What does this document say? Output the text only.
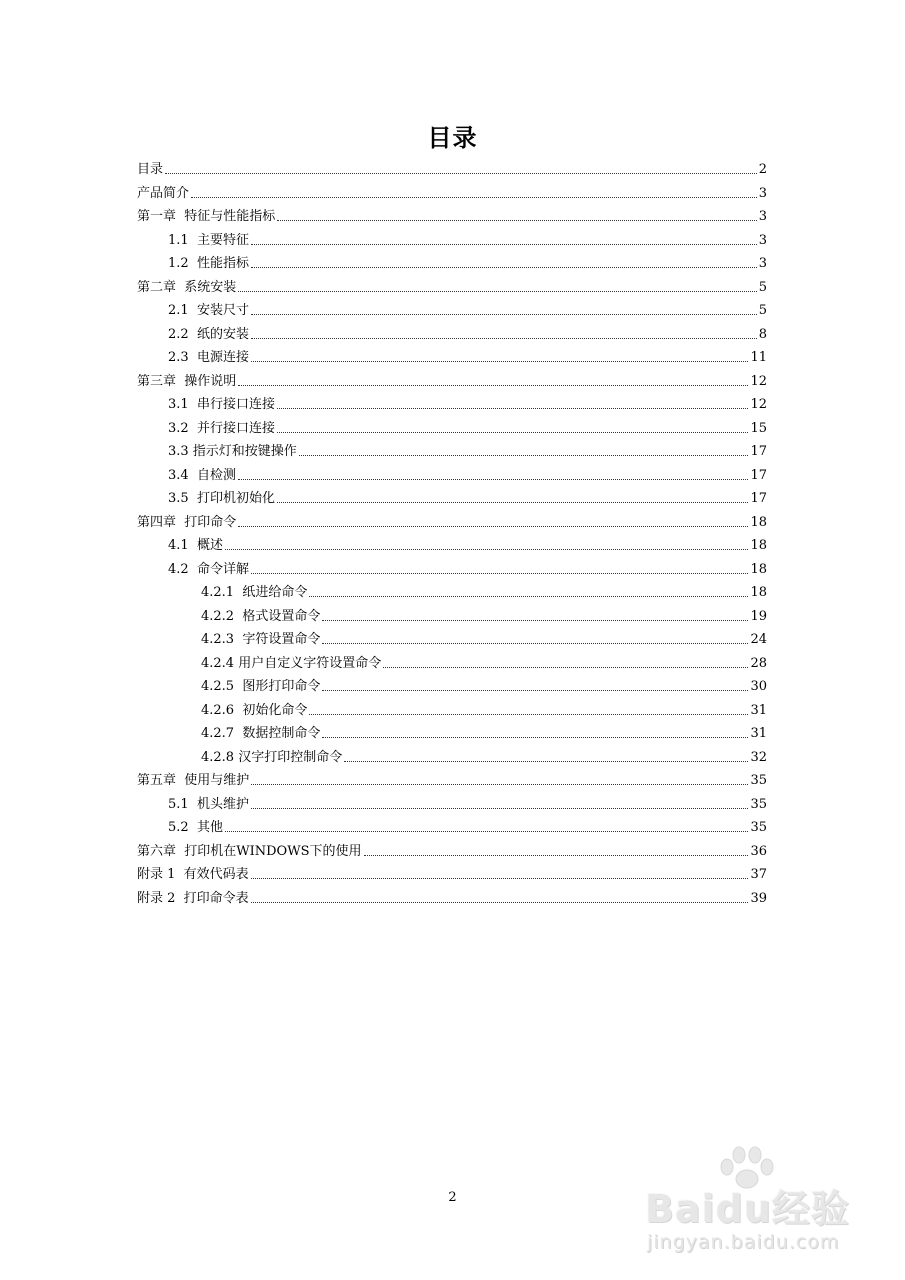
目录
目录	2
产品简介	3
第一章  特征与性能指标	3
1.1  主要特征	3
1.2  性能指标	3
第二章  系统安装	5
2.1  安装尺寸	5
2.2  纸的安装	8
2.3  电源连接	11
第三章  操作说明	12
3.1  串行接口连接	12
3.2  并行接口连接	15
3.3 指示灯和按键操作	17
3.4  自检测	17
3.5  打印机初始化	17
第四章  打印命令	18
4.1  概述	18
4.2  命令详解	18
4.2.1  纸进给命令	18
4.2.2  格式设置命令	19
4.2.3  字符设置命令	24
4.2.4 用户自定义字符设置命令	28
4.2.5  图形打印命令	30
4.2.6  初始化命令	31
4.2.7  数据控制命令	31
4.2.8 汉字打印控制命令	32
第五章  使用与维护	35
5.1  机头维护	35
5.2  其他	35
第六章  打印机在WINDOWS下的使用	36
附录 1  有效代码表	37
附录 2  打印命令表	39
2	Baidu经验
jingyan.baidu.com
